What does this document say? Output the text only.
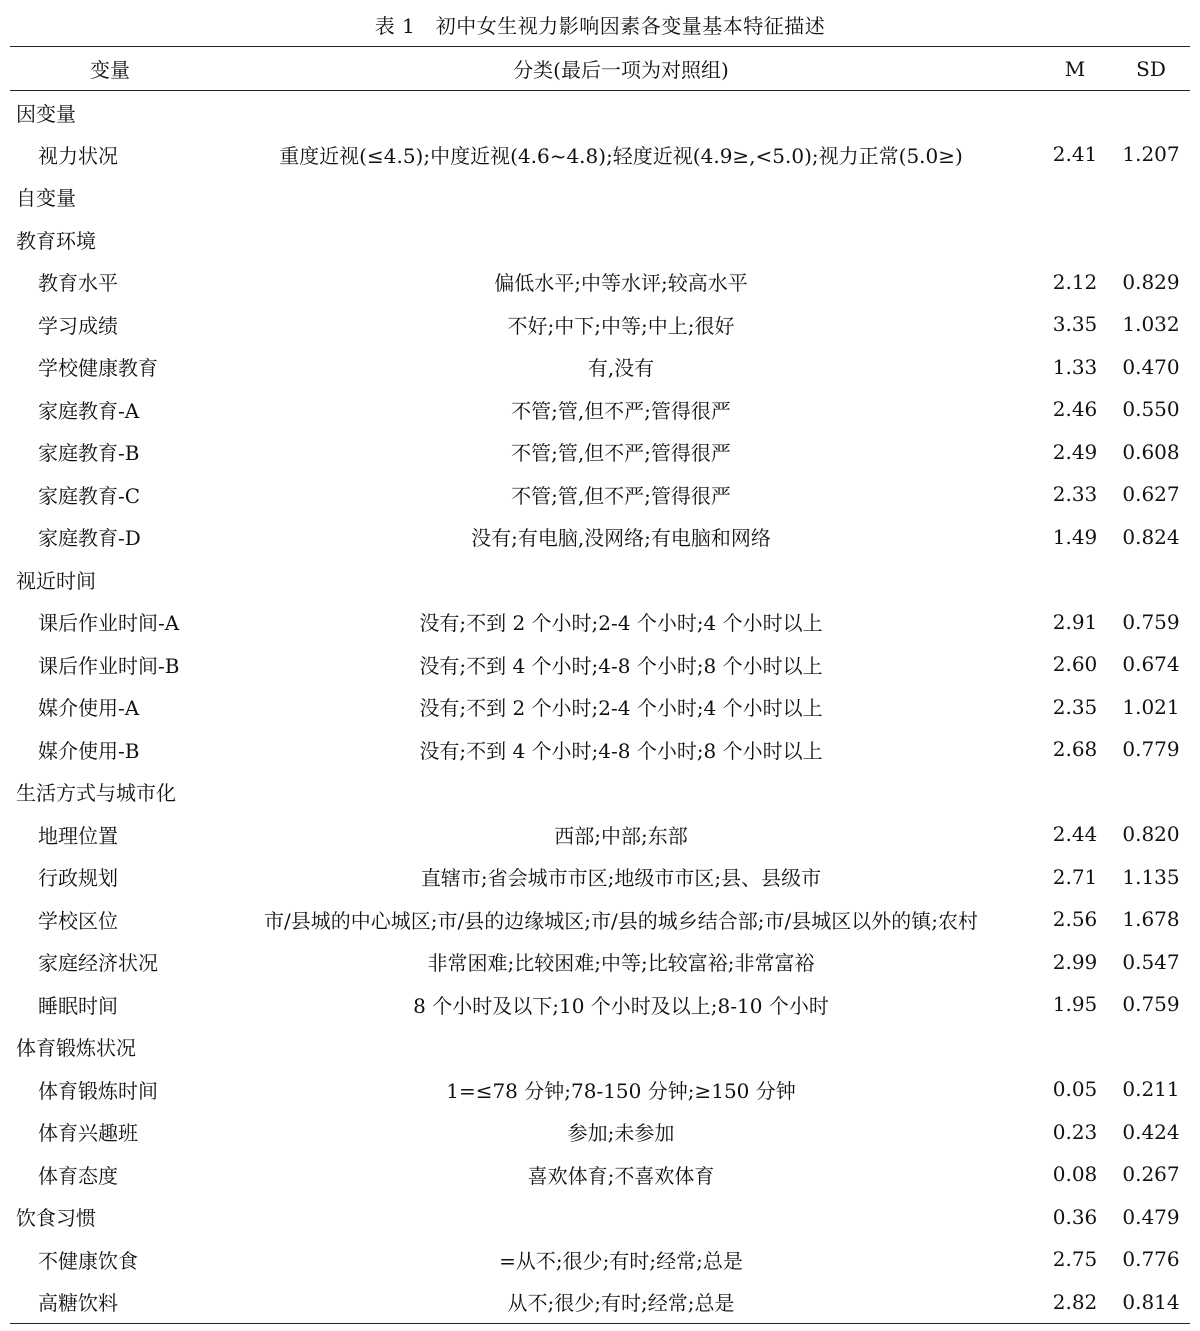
表 1　初中女生视力影响因素各变量基本特征描述
变量	分类(最后一项为对照组)	M	SD
因变量			
视力状况	重度近视(≤4.5);中度近视(4.6~4.8);轻度近视(4.9≥,<5.0);视力正常(5.0≥)	2.41	1.207
自变量			
教育环境			
教育水平	偏低水平;中等水评;较高水平	2.12	0.829
学习成绩	不好;中下;中等;中上;很好	3.35	1.032
学校健康教育	有,没有	1.33	0.470
家庭教育-A	不管;管,但不严;管得很严	2.46	0.550
家庭教育-B	不管;管,但不严;管得很严	2.49	0.608
家庭教育-C	不管;管,但不严;管得很严	2.33	0.627
家庭教育-D	没有;有电脑,没网络;有电脑和网络	1.49	0.824
视近时间			
课后作业时间-A	没有;不到 2 个小时;2-4 个小时;4 个小时以上	2.91	0.759
课后作业时间-B	没有;不到 4 个小时;4-8 个小时;8 个小时以上	2.60	0.674
媒介使用-A	没有;不到 2 个小时;2-4 个小时;4 个小时以上	2.35	1.021
媒介使用-B	没有;不到 4 个小时;4-8 个小时;8 个小时以上	2.68	0.779
生活方式与城市化			
地理位置	西部;中部;东部	2.44	0.820
行政规划	直辖市;省会城市市区;地级市市区;县、县级市	2.71	1.135
学校区位	市/县城的中心城区;市/县的边缘城区;市/县的城乡结合部;市/县城区以外的镇;农村	2.56	1.678
家庭经济状况	非常困难;比较困难;中等;比较富裕;非常富裕	2.99	0.547
睡眠时间	8 个小时及以下;10 个小时及以上;8-10 个小时	1.95	0.759
体育锻炼状况			
体育锻炼时间	1=≤78 分钟;78-150 分钟;≥150 分钟	0.05	0.211
体育兴趣班	参加;未参加	0.23	0.424
体育态度	喜欢体育;不喜欢体育	0.08	0.267
饮食习惯		0.36	0.479
不健康饮食	=从不;很少;有时;经常;总是	2.75	0.776
高糖饮料	从不;很少;有时;经常;总是	2.82	0.814
